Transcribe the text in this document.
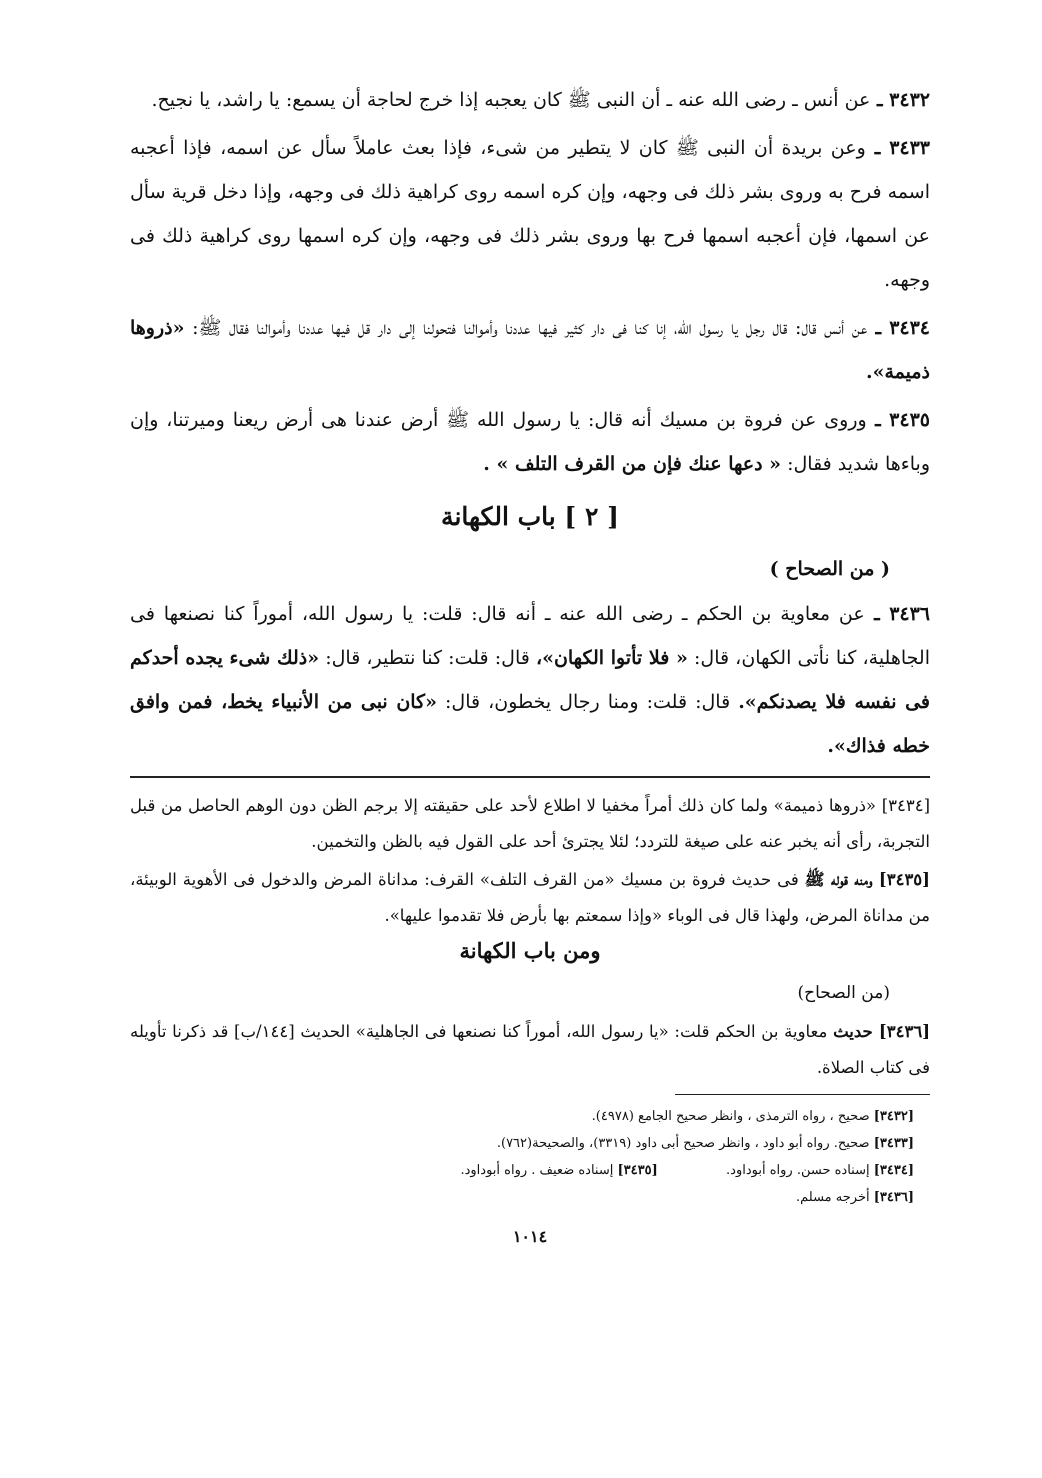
٣٤٣٢ ـ عن أنس ـ رضى الله عنه ـ أن النبى ﷺ كان يعجبه إذا خرج لحاجة أن يسمع: يا راشد، يا نجيح.

٣٤٣٣ ـ وعن بريدة أن النبى ﷺ كان لا يتطير من شىء، فإذا بعث عاملاً سأل عن اسمه، فإذا أعجبه اسمه فرح به وروى بشر ذلك فى وجهه، وإن كره اسمه روى كراهية ذلك فى وجهه، وإذا دخل قرية سأل عن اسمها، فإن أعجبه اسمها فرح بها وروى بشر ذلك فى وجهه، وإن كره اسمها روى كراهية ذلك فى وجهه.

٣٤٣٤ ـ عن أنس قال: قال رجل يا رسول الله، إنا كنا فى دار كثير فيها عددنا وأموالنا فتحولنا إلى دار قل فيها عددنا وأموالنا فقال ﷺ: «ذروها ذميمة».

٣٤٣٥ ـ وروى عن فروة بن مسيك أنه قال: يا رسول الله ﷺ أرض عندنا هى أرض ريعنا وميرتنا، وإن وباءها شديد فقال: « دعها عنك فإن من القرف التلف » .

[ ٢ ] باب الكهانة
( من الصحاح )

٣٤٣٦ ـ عن معاوية بن الحكم ـ رضى الله عنه ـ أنه قال: قلت: يا رسول الله، أموراً كنا نصنعها فى الجاهلية، كنا نأتى الكهان، قال: « فلا تأتوا الكهان»، قال: قلت: كنا نتطير، قال: «ذلك شىء يجده أحدكم فى نفسه فلا يصدنكم». قال: قلت: ومنا رجال يخطون، قال: «كان نبى من الأنبياء يخط، فمن وافق خطه فذاك».

[٣٤٣٤] «ذروها ذميمة» ولما كان ذلك أمراً مخفيا لا اطلاع لأحد على حقيقته إلا برجم الظن دون الوهم الحاصل من قبل التجربة، رأى أنه يخبر عنه على صيغة للتردد؛ لئلا يجترئ أحد على القول فيه بالظن والتخمين.

[٣٤٣٥] ومنه قوله ﷺ فى حديث فروة بن مسيك «من القرف التلف» القرف: مداناة المرض والدخول فى الأهوية الوبيئة، من مداناة المرض، ولهذا قال فى الوباء «وإذا سمعتم بها بأرض فلا تقدموا عليها».

ومن باب الكهانة
(من الصحاح)

[٣٤٣٦] حديث معاوية بن الحكم قلت: «يا رسول الله، أموراً كنا نصنعها فى الجاهلية» الحديث [١٤٤/ب] قد ذكرنا تأويله فى كتاب الصلاة.

[٣٤٣٢] صحيح ، رواه الترمذى ، وانظر صحيح الجامع (٤٩٧٨).

[٣٤٣٣] صحيح. رواه أبو داود ، وانظر صحيح أبى داود (٣٣١٩)، والصحيحة(٧٦٢).

[٣٤٣٤] إسناده حسن. رواه أبوداود.  [٣٤٣٥] إسناده ضعيف . رواه أبوداود.

[٣٤٣٦] أخرجه مسلم.

١٠١٤
